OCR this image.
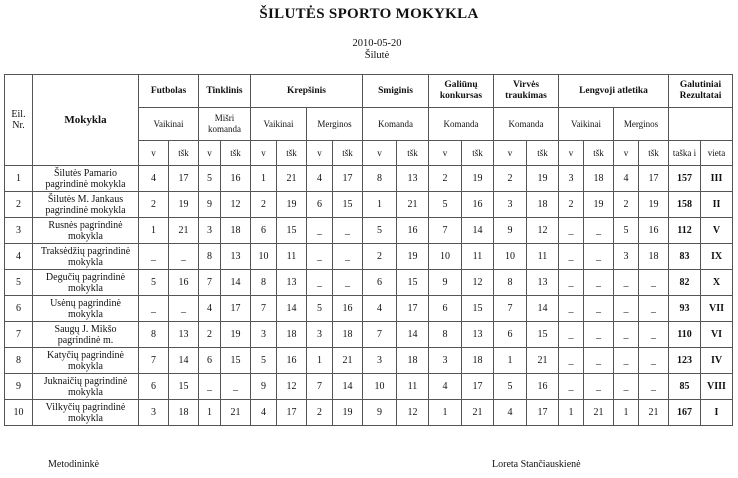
ŠILUTĖS SPORTO MOKYKLA
2010-05-20
Šilutė
Eil. Nr.	Mokykla	Futbolas		Tinklinis		Krepšinis				Smiginis		Galiūnų konkursas		Virvės traukimas		Lengvoji atletika				Galutiniai Rezultatai	
		Vaikinai		Mišri komanda		Vaikinai		Merginos		Komanda		Komanda		Komanda		Vaikinai		Merginos			
		v	tšk	v	tšk	v	tšk	v	tšk	v	tšk	v	tšk	v	tšk	v	tšk	v	tšk	taška i	vieta
1	Šilutės Pamario pagrindinė mokykla	4	17	5	16	1	21	4	17	8	13	2	19	2	19	3	18	4	17	157	III
2	Šilutės M. Jankaus pagrindinė mokykla	2	19	9	12	2	19	6	15	1	21	5	16	3	18	2	19	2	19	158	II
3	Rusnės pagrindinė mokykla	1	21	3	18	6	15	_	_	5	16	7	14	9	12	_	_	5	16	112	V
4	Traksėdžių pagrindinė mokykla	_	_	8	13	10	11	_	_	2	19	10	11	10	11	_	_	3	18	83	IX
5	Degučių pagrindinė mokykla	5	16	7	14	8	13	_	_	6	15	9	12	8	13	_	_	_	_	82	X
6	Usėnų pagrindinė mokykla	_	_	4	17	7	14	5	16	4	17	6	15	7	14	_	_	_	_	93	VII
7	Saugų J. Mikšo pagrindinė m.	8	13	2	19	3	18	3	18	7	14	8	13	6	15	_	_	_	_	110	VI
8	Katyčių pagrindinė mokykla	7	14	6	15	5	16	1	21	3	18	3	18	1	21	_	_	_	_	123	IV
9	Juknaičių pagrindinė mokykla	6	15	_	_	9	12	7	14	10	11	4	17	5	16	_	_	_	_	85	VIII
10	Vilkyčių pagrindinė mokykla	3	18	1	21	4	17	2	19	9	12	1	21	4	17	1	21	1	21	167	I
Metodininkė	Loreta Stančiauskienė
